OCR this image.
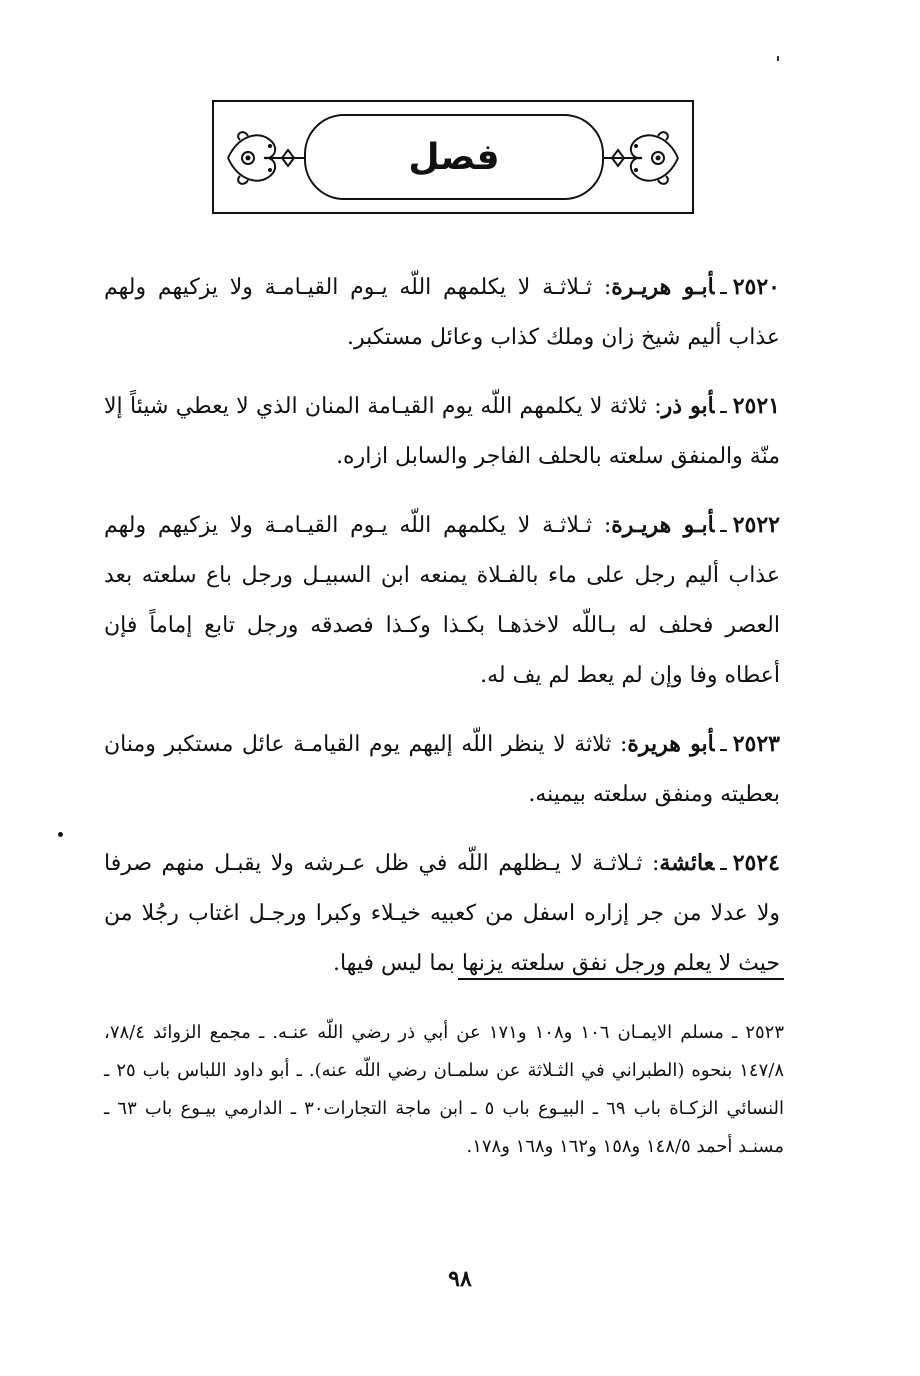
فصل

٢٥٢٠ـأبـو هريـرة: ثـلاثـة لا يكلمهم اللّه يـوم القيـامـة ولا يزكيهم ولهم عذاب أليم شيخ زان وملك كذاب وعائل مستكبر.

٢٥٢١ـأبو ذر: ثلاثة لا يكلمهم اللّه يوم القيـامة المنان الذي لا يعطي شيئاً إلا منّة والمنفق سلعته بالحلف الفاجر والسابل ازاره.

٢٥٢٢ـأبـو هريـرة: ثـلاثـة لا يكلمهم اللّه يـوم القيـامـة ولا يزكيهم ولهم عذاب أليم رجل على ماء بالفـلاة يمنعه ابن السبيـل ورجل باع سلعته بعد العصر فحلف له بـاللّه لاخذهـا بكـذا وكـذا فصدقه ورجل تابع إماماً فإن أعطاه وفا وإن لم يعط لم يف له.

٢٥٢٣ـأبو هريرة: ثلاثة لا ينظر اللّه إليهم يوم القيامـة عائل مستكبر ومنان بعطيته ومنفق سلعته بيمينه.

٢٥٢٤ـعائشة: ثـلاثـة لا يـظلهم اللّه في ظل عـرشه ولا يقبـل منهم صرفا ولا عدلا من جر إزاره اسفل من كعبيه خيـلاء وكبرا ورجـل اغتاب رجُلا من حيث لا يعلم ورجل نفق سلعته يزنها بما ليس فيها.

٢٥٢٣ ـ مسلم الايمـان ١٠٦ و١٠٨ و١٧١ عن أبي ذر رضي اللّه عنـه. ـ مجمع الزوائد ٧٨/٤، ١٤٧/٨ بنحوه (الطبراني في الثـلاثة عن سلمـان رضي اللّه عنه). ـ أبو داود اللباس باب ٢٥ ـ النسائي الزكـاة باب ٦٩ ـ البيـوع باب ٥ ـ ابن ماجة التجارات٣٠ ـ الدارمي بيـوع باب ٦٣ ـ مسنـد أحمد ١٤٨/٥ و١٥٨ و١٦٢ و١٦٨ و١٧٨.

٩٨
